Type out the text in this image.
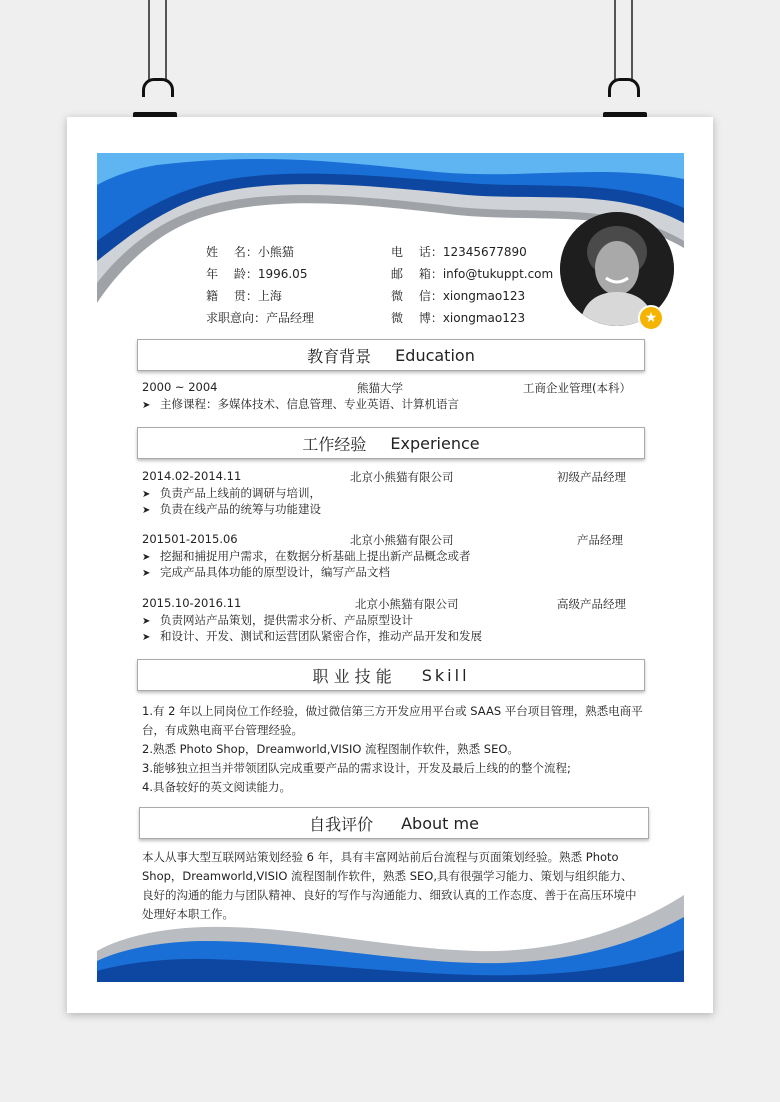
姓　 名：小熊猫
年　 龄：1996.05
籍　 贯：上海
求职意向：产品经理
电　 话：12345677890
邮　 箱：info@tukuppt.com
微　 信：xiongmao123
微　 博：xiongmao123	★
教育背景 Education
2000 ~ 2004	熊猫大学	工商企业管理(本科）
➤ 主修课程：多媒体技术、信息管理、专业英语、计算机语言
工作经验 Experience
2014.02-2014.11	北京小熊猫有限公司	初级产品经理
➤ 负责产品上线前的调研与培训，
➤ 负责在线产品的统筹与功能建设
201501-2015.06	北京小熊猫有限公司	产品经理
➤ 挖掘和捕捉用户需求，在数据分析基础上提出新产品概念或者
➤ 完成产品具体功能的原型设计，编写产品文档
2015.10-2016.11	北京小熊猫有限公司	高级产品经理
➤ 负责网站产品策划，提供需求分析、产品原型设计
➤ 和设计、开发、测试和运营团队紧密合作，推动产品开发和发展
职 业 技 能 Skill
1.有 2 年以上同岗位工作经验，做过微信第三方开发应用平台或 SAAS 平台项目管理，熟悉电商平台，有成熟电商平台管理经验。
2.熟悉 Photo Shop，Dreamworld,VISIO 流程图制作软件，熟悉 SEO。
3.能够独立担当并带领团队完成重要产品的需求设计，开发及最后上线的的整个流程;
4.具备较好的英文阅读能力。
自我评价 About me
本人从事大型互联网站策划经验 6 年，具有丰富网站前后台流程与页面策划经验。熟悉 Photo Shop，Dreamworld,VISIO 流程图制作软件，熟悉 SEO,具有很强学习能力、策划与组织能力、良好的沟通的能力与团队精神、良好的写作与沟通能力、细致认真的工作态度、善于在高压环境中处理好本职工作。
